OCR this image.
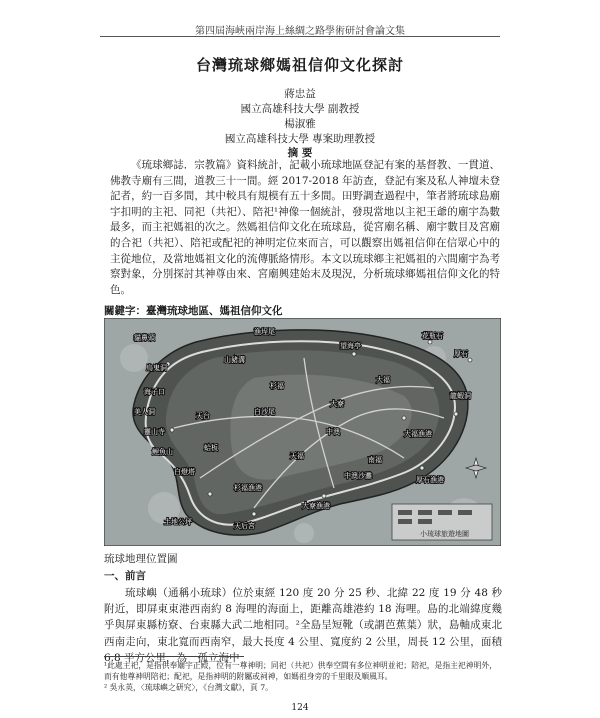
第四屆海峽兩岸海上絲綢之路學術研討會論文集
台灣琉球鄉媽祖信仰文化探討
蔣忠益
國立高雄科技大學 副教授
楊淑雅
國立高雄科技大學 專案助理教授
摘 要

《琉球鄉誌．宗教篇》資料統計，記載小琉球地區登記有案的基督教、一貫道、佛教寺廟有三間，道教三十一間。經 2017-2018 年訪查，登記有案及私人神壇未登記者，約一百多間，其中較具有規模有五十多間。田野調查過程中，筆者將琉球島廟宇扣明的主祀、同祀（共祀）、陪祀¹神像一個統計，發現當地以主祀王爺的廟宇為數最多，而主祀媽祖的次之。然媽祖信仰文化在琉球島，從宮廟名稱、廟宇數目及宮廟的合祀（共祀）、陪祀或配祀的神明定位來而言，可以觀察出媽祖信仰在信眾心中的主從地位，及當地媽祖文化的流傳脈絡情形。本文以琉球鄉主祀媽祖的六間廟宇為考察對象，分別探討其神尊由來、宮廟興建始末及現況，分析琉球鄉媽祖信仰文化的特色。

關鍵字：臺灣琉球地區、媽祖信仰文化
貓鼻頭	花瓶石
厚石
望海亭
漁埕尾
烏鬼洞
山豬溝
杉福
大寮
海子口
美人洞
靈山寺
鯉魚山
龍蝦洞
大福
南福
白燈塔
天台	白沙尾
中澳
蛤板
大福漁港
天福
杉福漁港
厚石漁港
大寮漁港
中澳沙灘
土地公坪	天后宮
小琉球旅遊地圖
琉球地理位置圖
一、前言

琉球嶼（通稱小琉球）位於東經 120 度 20 分 25 秒、北緯 22 度 19 分 48 秒附近，即屏東東港西南約 8 海哩的海面上，距離高雄港約 18 海哩。島的北端緯度幾乎與屏東縣枋寮、台東縣大武二地相同。²全島呈短靴（或謂芭蕉葉）狀，島軸成東北西南走向，東北寬而西南窄，最大長度 4 公里、寬度約 2 公里，周長 12 公里，面積 6.8 平方公里，為一孤立海中

¹此處主祀，是指供奉廟宇正殿，位有一尊神明；同祀（共祀）供奉空間有多位神明並祀；陪祀，是指主祀神明外，而有他尊神明陪祀；配祀，是指神明的附屬或祠神，如媽祖身旁的千里眼及順風耳。

² 吳永英，〈琉球嶼之研究〉，《台灣文獻》，頁 7。

124
